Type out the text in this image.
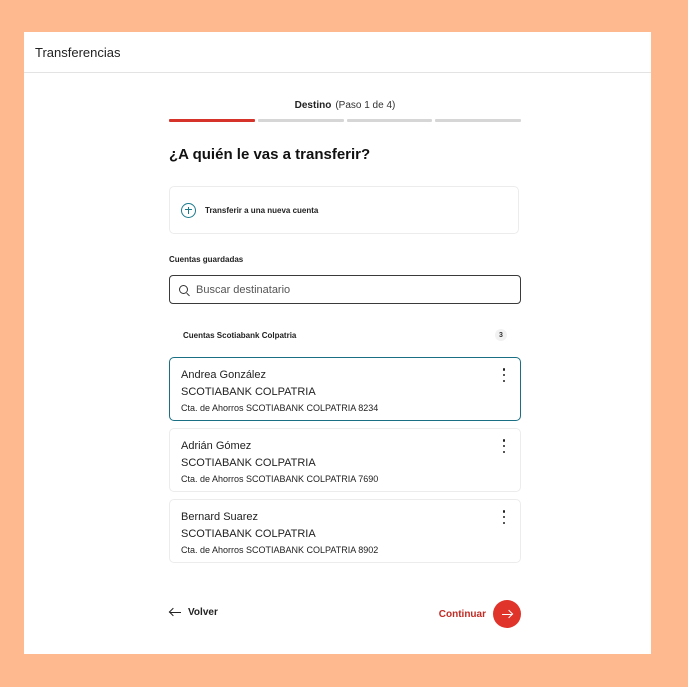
Transferencias
Destino (Paso 1 de 4)
¿A quién le vas a transferir?
Transferir a una nueva cuenta
Cuentas guardadas
Buscar destinatario
Cuentas Scotiabank Colpatria	3
Andrea González
SCOTIABANK COLPATRIA
Cta. de Ahorros SCOTIABANK COLPATRIA 8234
Adrián Gómez
SCOTIABANK COLPATRIA
Cta. de Ahorros SCOTIABANK COLPATRIA 7690
Bernard Suarez
SCOTIABANK COLPATRIA
Cta. de Ahorros SCOTIABANK COLPATRIA 8902
Volver	Continuar
